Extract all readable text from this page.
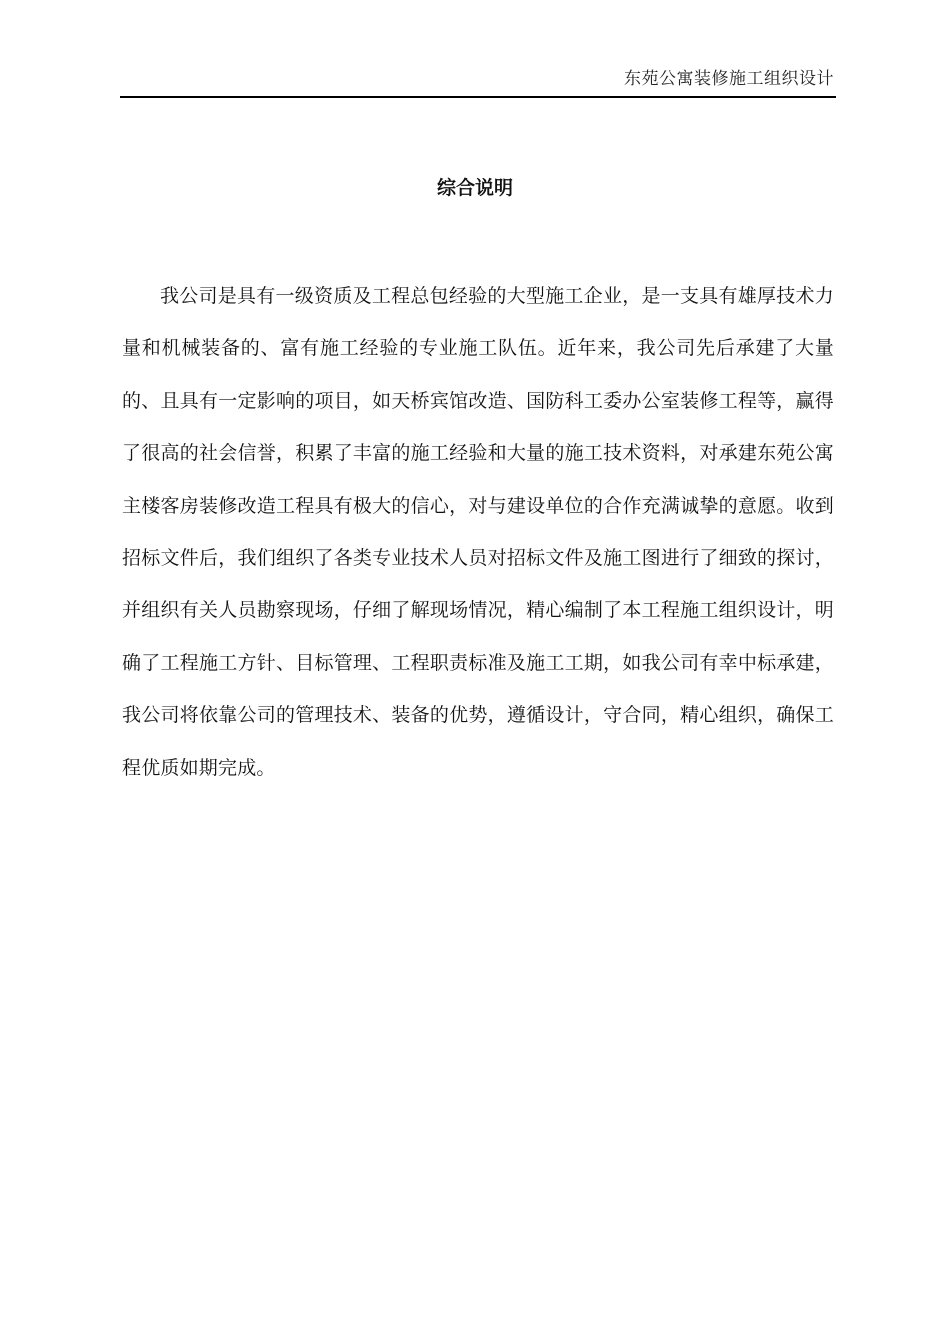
东苑公寓装修施工组织设计
综合说明

我公司是具有一级资质及工程总包经验的大型施工企业，是一支具有雄厚技术力量和机械装备的、富有施工经验的专业施工队伍。近年来，我公司先后承建了大量的、且具有一定影响的项目，如天桥宾馆改造、国防科工委办公室装修工程等，赢得了很高的社会信誉，积累了丰富的施工经验和大量的施工技术资料，对承建东苑公寓主楼客房装修改造工程具有极大的信心，对与建设单位的合作充满诚挚的意愿。收到招标文件后，我们组织了各类专业技术人员对招标文件及施工图进行了细致的探讨，并组织有关人员勘察现场，仔细了解现场情况，精心编制了本工程施工组织设计，明确了工程施工方针、目标管理、工程职责标准及施工工期，如我公司有幸中标承建，我公司将依靠公司的管理技术、装备的优势，遵循设计，守合同，精心组织，确保工程优质如期完成。
